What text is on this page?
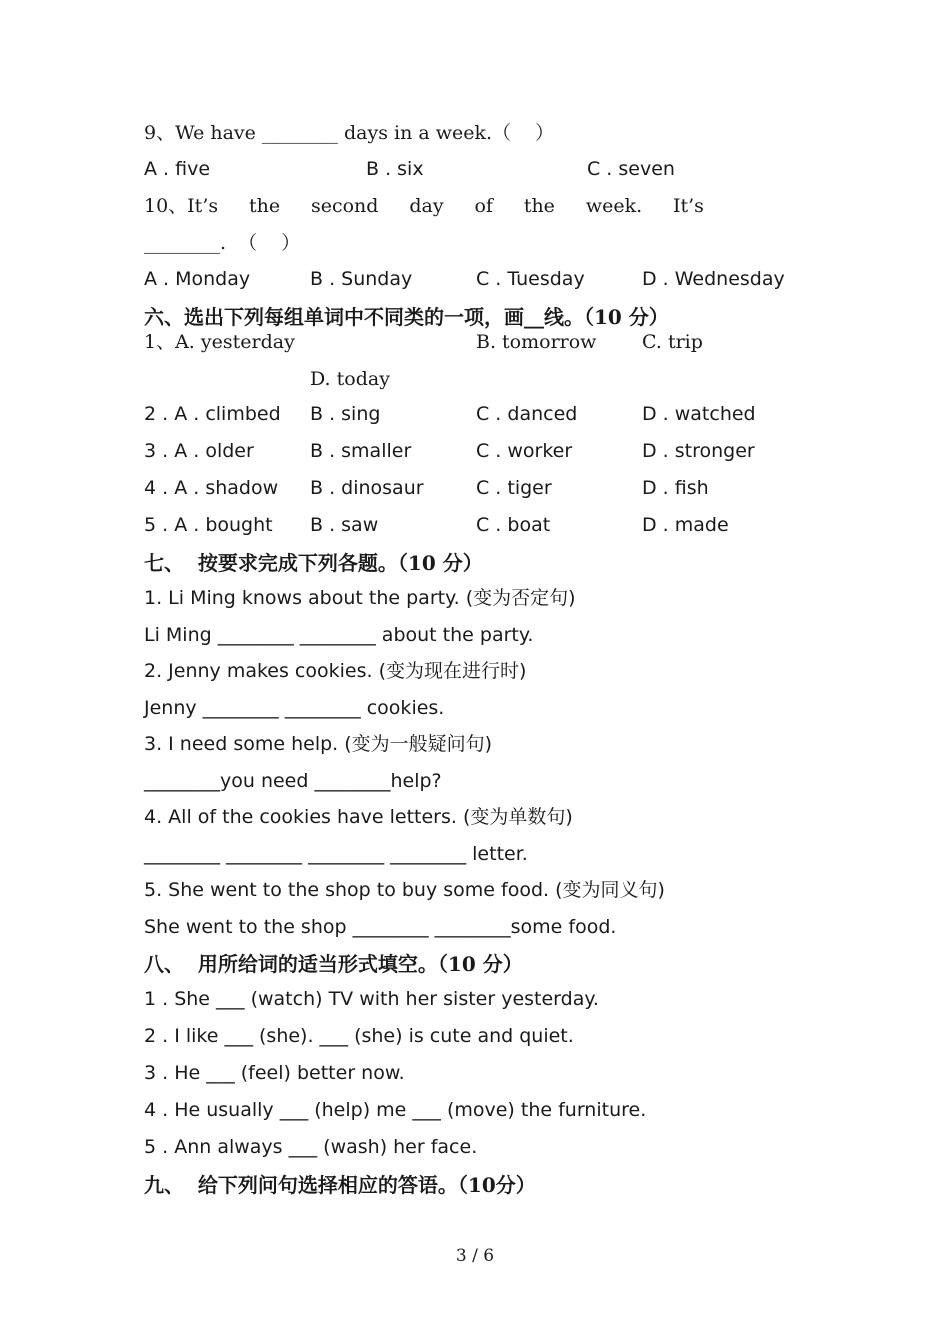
9、We have ________ days in a week.（    ）
A . five	B . six	C . seven
10、It’s the second day of the week. It’s
________.  （    ）
A . Monday	B . Sunday	C . Tuesday	D . Wednesday
六、选出下列每组单词中不同类的一项，画__线。（10 分）
1、A. yesterday	B. tomorrow C. trip
D. today
2 . A . climbed B . sing	C . danced	D . watched
3 . A . older	B . smaller	C . worker	D . stronger
4 . A . shadow B . dinosaur	C . tiger	D . fish
5 . A . bought B . saw	C . boat	D . made
七、  按要求完成下列各题。（10 分）
1. Li Ming knows about the party. (变为否定句)
Li Ming ________ ________ about the party.
2. Jenny makes cookies. (变为现在进行时)
Jenny ________ ________ cookies.
3. I need some help. (变为一般疑问句)
________you need ________help?
4. All of the cookies have letters. (变为单数句)
________ ________ ________ ________ letter.
5. She went to the shop to buy some food. (变为同义句)
She went to the shop ________ ________some food.
八、  用所给词的适当形式填空。（10 分）
1 . She ___ (watch) TV with her sister yesterday.
2 . I like ___ (she). ___ (she) is cute and quiet.
3 . He ___ (feel) better now.
4 . He usually ___ (help) me ___ (move) the furniture.
5 . Ann always ___ (wash) her face.
九、  给下列问句选择相应的答语。（10分）
3 / 6
